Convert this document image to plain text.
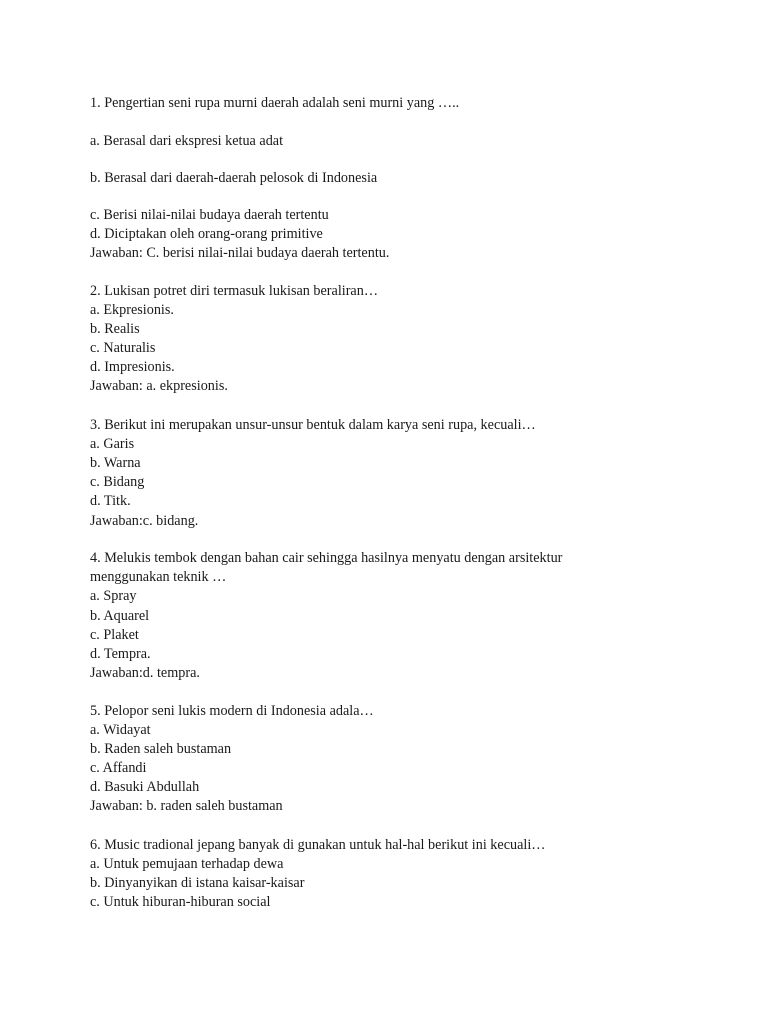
1. Pengertian seni rupa murni daerah adalah seni murni yang …..
a. Berasal dari ekspresi ketua adat
b. Berasal dari daerah-daerah pelosok di Indonesia
c. Berisi nilai-nilai budaya daerah tertentu
d. Diciptakan oleh orang-orang primitive
Jawaban: C. berisi nilai-nilai budaya daerah tertentu.
2. Lukisan potret diri termasuk lukisan beraliran…
a. Ekpresionis.
b. Realis
c. Naturalis
d. Impresionis.
Jawaban: a. ekpresionis.
3. Berikut ini merupakan unsur-unsur bentuk dalam karya seni rupa, kecuali…
a. Garis
b. Warna
c. Bidang
d. Titk.
Jawaban:c. bidang.
4. Melukis tembok dengan bahan cair sehingga hasilnya menyatu dengan arsitektur
menggunakan teknik …
a. Spray
b. Aquarel
c. Plaket
d. Tempra.
Jawaban:d. tempra.
5. Pelopor seni lukis modern di Indonesia adala…
a. Widayat
b. Raden saleh bustaman
c. Affandi
d. Basuki Abdullah
Jawaban: b. raden saleh bustaman
6. Music tradional jepang banyak di gunakan untuk hal-hal berikut ini kecuali…
a. Untuk pemujaan terhadap dewa
b. Dinyanyikan di istana kaisar-kaisar
c. Untuk hiburan-hiburan social
